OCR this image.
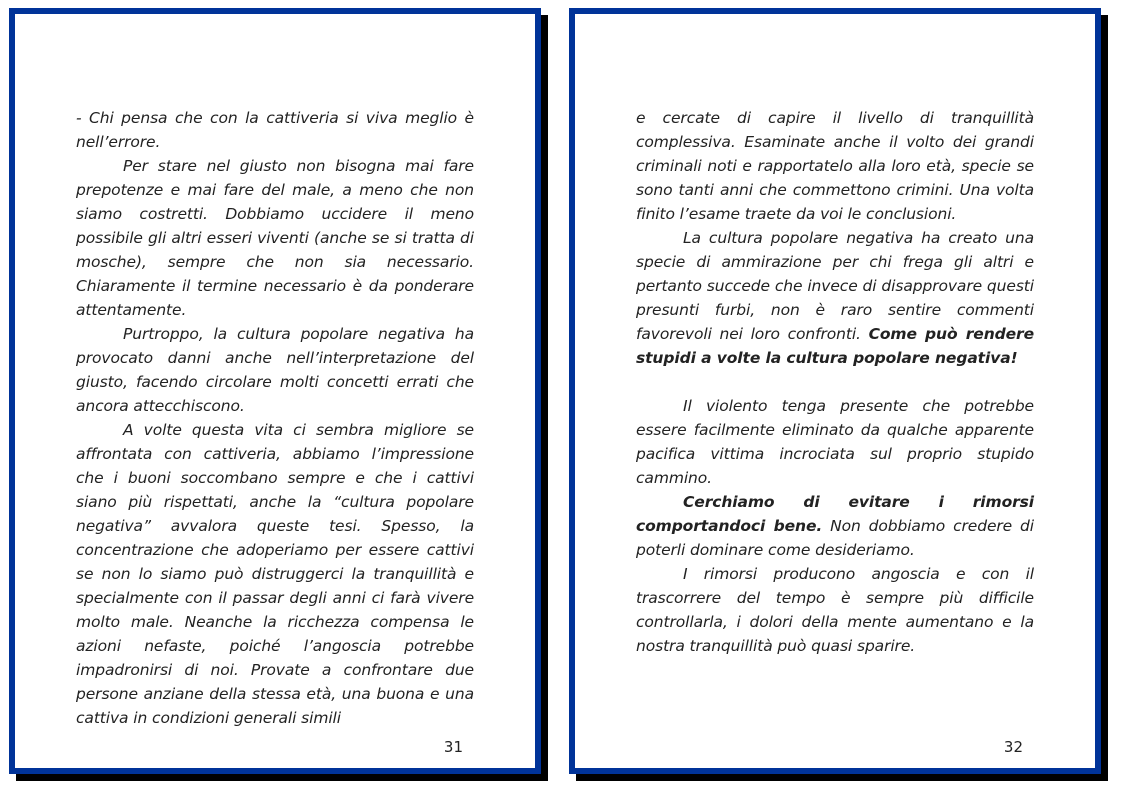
- Chi pensa che con la cattiveria si viva meglio è nell’errore.

Per stare nel giusto non bisogna mai fare prepotenze e mai fare del male, a meno che non siamo costretti. Dobbiamo uccidere il meno possibile gli altri esseri viventi (anche se si tratta di mosche), sempre che non sia necessario. Chiaramente il termine necessario è da ponderare attentamente.

Purtroppo, la cultura popolare negativa ha provocato danni anche nell’interpretazione del giusto, facendo circolare molti concetti errati che ancora attecchiscono.

A volte questa vita ci sembra migliore se affrontata con cattiveria, abbiamo l’impressione che i buoni soccombano sempre e che i cattivi siano più rispettati, anche la “cultura popolare negativa” avvalora queste tesi. Spesso, la concentrazione che adoperiamo per essere cattivi se non lo siamo può distruggerci la tranquillità e specialmente con il passar degli anni ci farà vivere molto male. Neanche la ricchezza compensa le azioni nefaste, poiché l’angoscia potrebbe impadronirsi di noi. Provate a confrontare due persone anziane della stessa età, una buona e una cattiva in condizioni generali simili

31

e cercate di capire il livello di tranquillità complessiva. Esaminate anche il volto dei grandi criminali noti e rapportatelo alla loro età, specie se sono tanti anni che commettono crimini. Una volta finito l’esame traete da voi le conclusioni.

La cultura popolare negativa ha creato una specie di ammirazione per chi frega gli altri e pertanto succede che invece di disapprovare questi presunti furbi, non è raro sentire commenti favorevoli nei loro confronti. Come può rendere stupidi a volte la cultura popolare negativa!

Il violento tenga presente che potrebbe essere facilmente eliminato da qualche apparente pacifica vittima incrociata sul proprio stupido cammino.

Cerchiamo di evitare i rimorsi comportandoci bene. Non dobbiamo credere di poterli dominare come desideriamo.

I rimorsi producono angoscia e con il trascorrere del tempo è sempre più difficile controllarla, i dolori della mente aumentano e la nostra tranquillità può quasi sparire.

32
